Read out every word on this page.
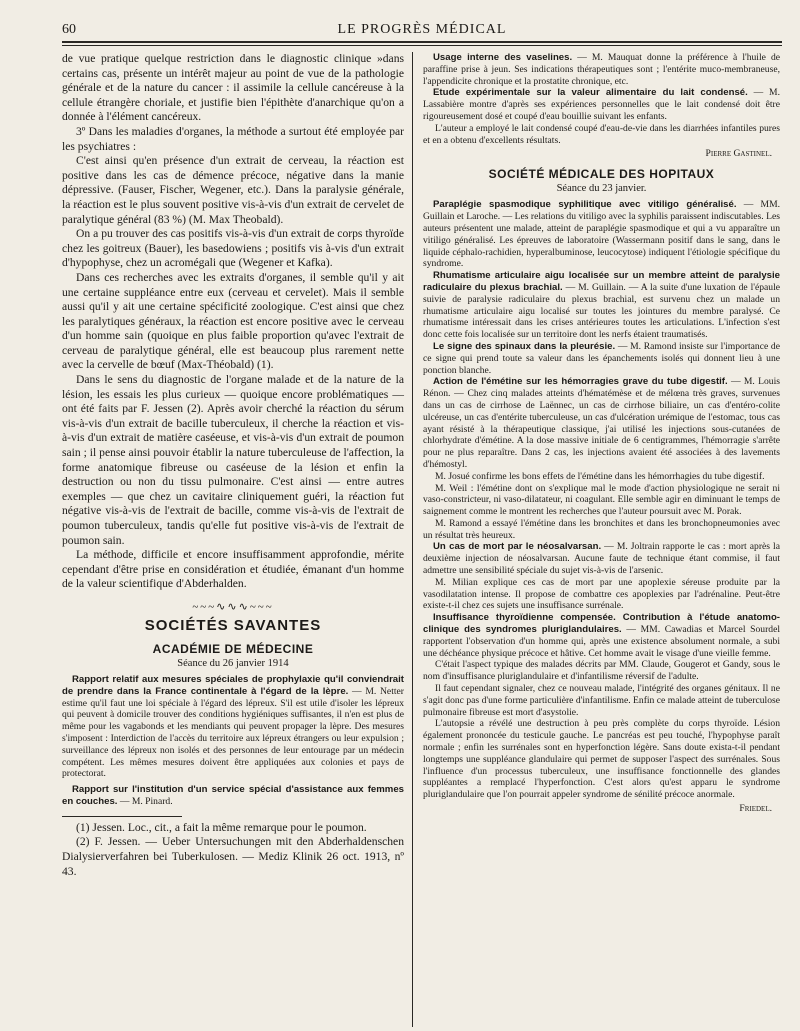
60	LE PROGRÈS MÉDICAL

de vue pratique quelque restriction dans le diagnostic clinique »dans certains cas, présente un intérêt majeur au point de vue de la pathologie générale et de la nature du cancer : il assimile la cellule cancéreuse à la cellule étrangère choriale, et justifie bien l'épithète d'anarchique qu'on a donnée à l'élément cancéreux.

3º Dans les maladies d'organes, la méthode a surtout été employée par les psychiatres :

C'est ainsi qu'en présence d'un extrait de cerveau, la réaction est positive dans les cas de démence précoce, négative dans la manie dépressive. (Fauser, Fischer, Wegener, etc.). Dans la paralysie générale, la réaction est le plus souvent positive vis-à-vis d'un extrait de cervelet de paralytique général (83 %) (M. Max Theobald).

On a pu trouver des cas positifs vis-à-vis d'un extrait de corps thyroïde chez les goitreux (Bauer), les basedowiens ; positifs vis à-vis d'un extrait d'hypophyse, chez un acromégali que (Wegener et Kafka).

Dans ces recherches avec les extraits d'organes, il semble qu'il y ait une certaine suppléance entre eux (cerveau et cervelet). Mais il semble aussi qu'il y ait une certaine spécificité zoologique. C'est ainsi que chez les paralytiques généraux, la réaction est encore positive avec le cerveau d'un homme sain (quoique en plus faible proportion qu'avec l'extrait de cerveau de paralytique général, elle est beaucoup plus rarement nette avec la cervelle de bœuf (Max-Théobald) (1).

Dans le sens du diagnostic de l'organe malade et de la nature de la lésion, les essais les plus curieux — quoique encore problématiques — ont été faits par F. Jessen (2). Après avoir cherché la réaction du sérum vis-à-vis d'un extrait de bacille tuberculeux, il cherche la réaction et vis-à-vis d'un extrait de matière caséeuse, et vis-à-vis d'un extrait de poumon sain ; il pense ainsi pouvoir établir la nature tuberculeuse de l'affection, la forme anatomique fibreuse ou caséeuse de la lésion et enfin la destruction ou non du tissu pulmonaire. C'est ainsi — entre autres exemples — que chez un cavitaire cliniquement guéri, la réaction fut négative vis-à-vis de l'extrait de bacille, comme vis-à-vis de l'extrait de poumon tuberculeux, tandis qu'elle fut positive vis-à-vis de l'extrait de poumon sain.

La méthode, difficile et encore insuffisamment approfondie, mérite cependant d'être prise en considération et étudiée, émanant d'un homme de la valeur scientifique d'Abderhalden.

~~~∿∿∿~~~
SOCIÉTÉS SAVANTES
ACADÉMIE DE MÉDECINE
Séance du 26 janvier 1914

Rapport relatif aux mesures spéciales de prophylaxie qu'il conviendrait de prendre dans la France continentale à l'égard de la lèpre. — M. Netter estime qu'il faut une loi spéciale à l'égard des lépreux. S'il est utile d'isoler les lépreux qui peuvent à domicile trouver des conditions hygiéniques suffisantes, il n'en est plus de même pour les vagabonds et les mendiants qui peuvent propager la lèpre. Des mesures s'imposent : Interdiction de l'accès du territoire aux lépreux étrangers ou leur expulsion ; surveillance des lépreux non isolés et des personnes de leur entourage par un médecin compétent. Les mêmes mesures doivent être appliquées aux colonies et pays de protectorat.

Rapport sur l'institution d'un service spécial d'assistance aux femmes en couches. — M. Pinard.

(1) Jessen. Loc., cit., a fait la même remarque pour le poumon.

(2) F. Jessen. — Ueber Untersuchungen mit den Abderhaldenschen Dialysierverfahren bei Tuberkulosen. — Mediz Klinik 26 oct. 1913, nº 43.

Usage interne des vaselines. — M. Mauquat donne la préférence à l'huile de paraffine prise à jeun. Ses indications thérapeutiques sont ; l'entérite muco-membraneuse, l'appendicite chronique et la prostatite chronique, etc.

Etude expérimentale sur la valeur alimentaire du lait condensé. — M. Lassabière montre d'après ses expériences personnelles que le lait condensé doit être rigoureusement dosé et coupé d'eau bouillie suivant les enfants.

L'auteur a employé le lait condensé coupé d'eau-de-vie dans les diarrhées infantiles pures et en a obtenu d'excellents résultats.

Pierre Gastinel.
SOCIÉTÉ MÉDICALE DES HOPITAUX
Séance du 23 janvier.

Paraplégie spasmodique syphilitique avec vitiligo généralisé. — MM. Guillain et Laroche. — Les relations du vitiligo avec la syphilis paraissent indiscutables. Les auteurs présentent une malade, atteint de paraplégie spasmodique et qui a vu apparaître un vitiligo généralisé. Les épreuves de laboratoire (Wassermann positif dans le sang, dans le liquide céphalo-rachidien, hyperalbuminose, leucocytose) indiquent l'étiologie spécifique du syndrome.

Rhumatisme articulaire aigu localisée sur un membre atteint de paralysie radiculaire du plexus brachial. — M. Guillain. — A la suite d'une luxation de l'épaule suivie de paralysie radiculaire du plexus brachial, est survenu chez un malade un rhumatisme articulaire aigu localisé sur toutes les jointures du membre paralysé. Ce rhumatisme intéressait dans les crises antérieures toutes les articulations. L'infection s'est donc cette fois localisée sur un territoire dont les nerfs étaient traumatisés.

Le signe des spinaux dans la pleurésie. — M. Ramond insiste sur l'importance de ce signe qui prend toute sa valeur dans les épanchements isolés qui donnent lieu à une ponction blanche.

Action de l'émétine sur les hémorragies grave du tube digestif. — M. Louis Rénon. — Chez cinq malades atteints d'hématémèse et de mélœna très graves, survenues dans un cas de cirrhose de Laënnec, un cas de cirrhose biliaire, un cas d'entéro-colite ulcéreuse, un cas d'entérite tuberculeuse, un cas d'ulcération urémique de l'estomac, tous cas ayant résisté à la thérapeutique classique, j'ai utilisé les injections sous-cutanées de chlorhydrate d'émétine. A la dose massive initiale de 6 centigrammes, l'hémorragie s'arrête pour ne plus reparaître. Dans 2 cas, les injections avaient été associées à des lavements d'hémostyl.

M. Josué confirme les bons effets de l'émétine dans les hémorrhagies du tube digestif.

M. Weil : l'émétine dont on s'explique mal le mode d'action physiologique ne serait ni vaso-constricteur, ni vaso-dilatateur, ni coagulant. Elle semble agir en diminuant le temps de saignement comme le montrent les recherches que l'auteur poursuit avec M. Porak.

M. Ramond a essayé l'émétine dans les bronchites et dans les bronchopneumonies avec un résultat très heureux.

Un cas de mort par le néosalvarsan. — M. Joltrain rapporte le cas : mort après la deuxième injection de néosalvarsan. Aucune faute de technique étant commise, il faut admettre une sensibilité spéciale du sujet vis-à-vis de l'arsenic.

M. Milian explique ces cas de mort par une apoplexie séreuse produite par la vasodilatation intense. Il propose de combattre ces apoplexies par l'adrénaline. Peut-être existe-t-il chez ces sujets une insuffisance surrénale.

Insuffisance thyroïdienne compensée. Contribution à l'étude anatomo-clinique des syndromes pluriglandulaires. — MM. Cawadias et Marcel Sourdel rapportent l'observation d'un homme qui, après une existence absolument normale, a subi une déchéance physique précoce et hâtive. Cet homme avait le visage d'une vieille femme.

C'était l'aspect typique des malades décrits par MM. Claude, Gougerot et Gandy, sous le nom d'insuffisance pluriglandulaire et d'infantilisme réversif de l'adulte.

Il faut cependant signaler, chez ce nouveau malade, l'intégrité des organes génitaux. Il ne s'agit donc pas d'une forme particulière d'infantilisme. Enfin ce malade atteint de tuberculose pulmonaire fibreuse est mort d'asystolie.

L'autopsie a révélé une destruction à peu près complète du corps thyroïde. Lésion également prononcée du testicule gauche. Le pancréas est peu touché, l'hypophyse paraît normale ; enfin les surrénales sont en hyperfonction légère. Sans doute exista-t-il pendant longtemps une suppléance glandulaire qui permet de supposer l'aspect des surrénales. Sous l'influence d'un processus tuberculeux, une insuffisance fonctionnelle des glandes suppléantes a remplacé l'hyperfonction. C'est alors qu'est apparu le syndrome pluriglandulaire que l'on pourrait appeler syndrome de sénilité précoce anormale.

Friedel.
